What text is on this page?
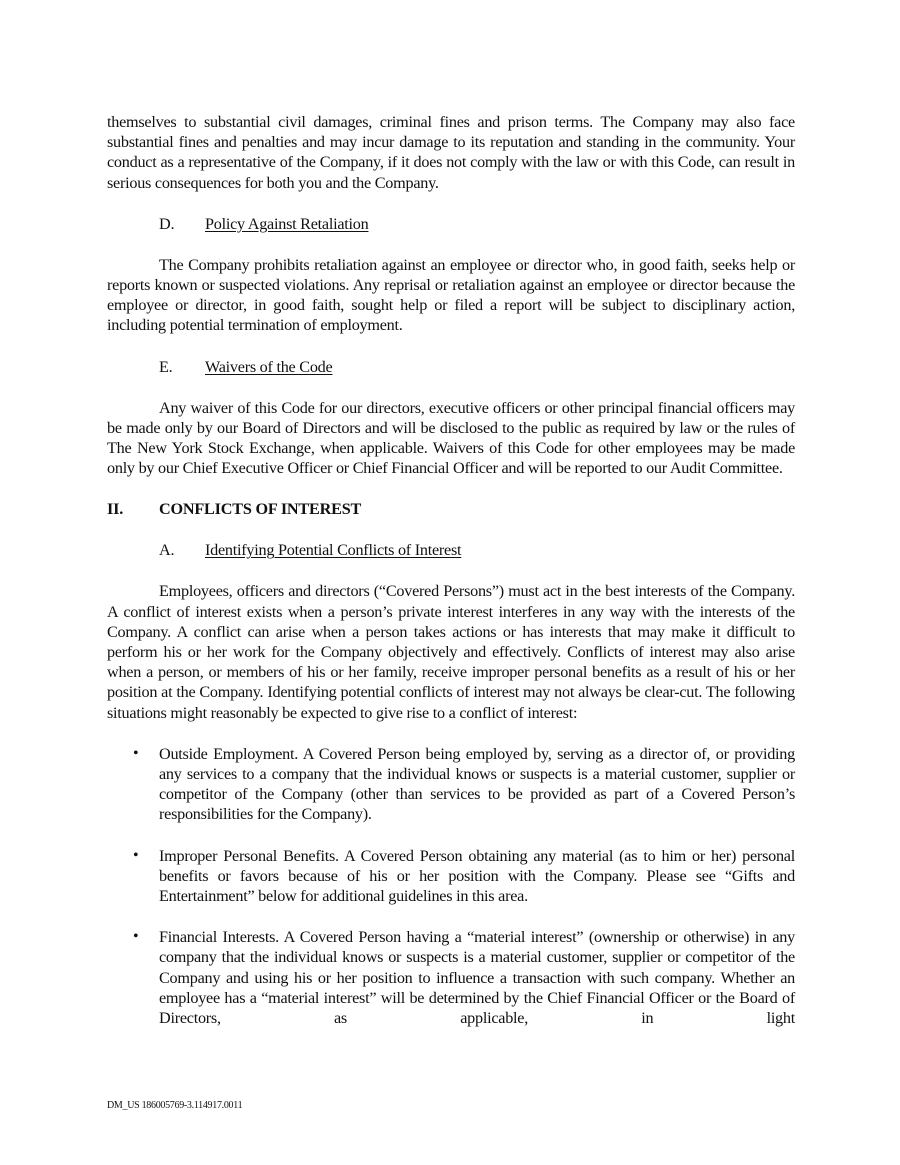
themselves to substantial civil damages, criminal fines and prison terms. The Company may also face substantial fines and penalties and may incur damage to its reputation and standing in the community. Your conduct as a representative of the Company, if it does not comply with the law or with this Code, can result in serious consequences for both you and the Company.

D. Policy Against Retaliation

The Company prohibits retaliation against an employee or director who, in good faith, seeks help or reports known or suspected violations. Any reprisal or retaliation against an employee or director because the employee or director, in good faith, sought help or filed a report will be subject to disciplinary action, including potential termination of employment.

E. Waivers of the Code

Any waiver of this Code for our directors, executive officers or other principal financial officers may be made only by our Board of Directors and will be disclosed to the public as required by law or the rules of The New York Stock Exchange, when applicable. Waivers of this Code for other employees may be made only by our Chief Executive Officer or Chief Financial Officer and will be reported to our Audit Committee.

II. CONFLICTS OF INTEREST
A. Identifying Potential Conflicts of Interest

Employees, officers and directors (“Covered Persons”) must act in the best interests of the Company. A conflict of interest exists when a person’s private interest interferes in any way with the interests of the Company. A conflict can arise when a person takes actions or has interests that may make it difficult to perform his or her work for the Company objectively and effectively. Conflicts of interest may also arise when a person, or members of his or her family, receive improper personal benefits as a result of his or her position at the Company. Identifying potential conflicts of interest may not always be clear-cut. The following situations might reasonably be expected to give rise to a conflict of interest:

• Outside Employment. A Covered Person being employed by, serving as a director of, or providing any services to a company that the individual knows or suspects is a material customer, supplier or competitor of the Company (other than services to be provided as part of a Covered Person’s responsibilities for the Company).

• Improper Personal Benefits. A Covered Person obtaining any material (as to him or her) personal benefits or favors because of his or her position with the Company. Please see “Gifts and Entertainment” below for additional guidelines in this area.

• Financial Interests. A Covered Person having a “material interest” (ownership or otherwise) in any company that the individual knows or suspects is a material customer, supplier or competitor of the Company and using his or her position to influence a transaction with such company. Whether an employee has a “material interest” will be determined by the Chief Financial Officer or the Board of Directors, as applicable, in light

DM_US 186005769-3.114917.0011
